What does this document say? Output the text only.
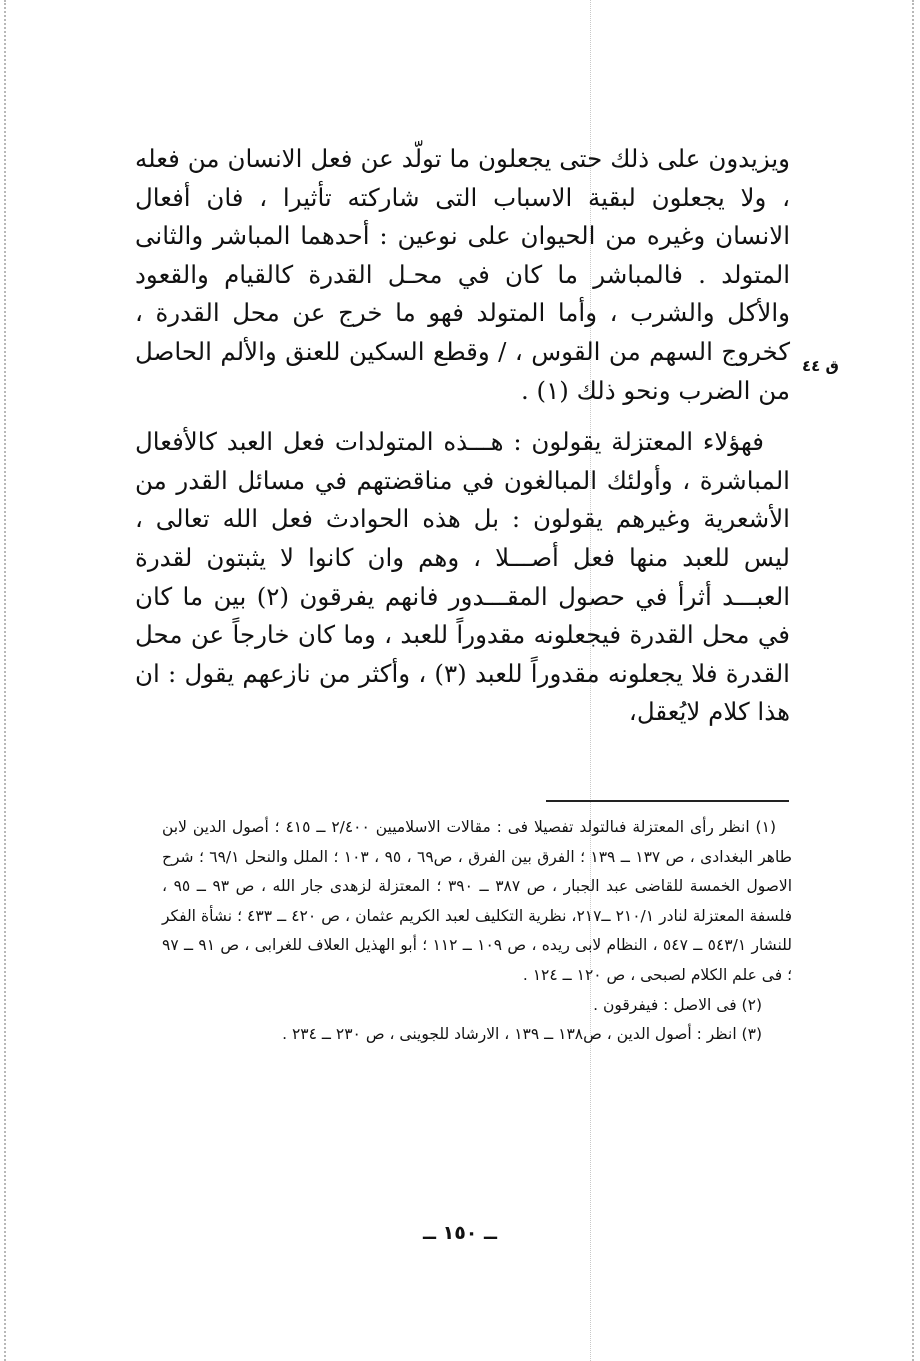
ويزيدون على ذلك حتى يجعلون ما تولّد عن فعل الانسان من فعله ، ولا يجعلون لبقية الاسباب التى شاركته تأثيرا ، فان أفعال الانسان وغيره من الحيوان على نوعين : أحدهما المباشر والثانى المتولد . فالمباشر ما كان في محـل القدرة كالقيام والقعود والأكل والشرب ، وأما المتولد فهو ما خرج عن محل القدرة ، كخروج السهم من القوس ، / وقطع السكين للعنق والألم الحاصل من الضرب ونحو ذلك (١) .

فهؤلاء المعتزلة يقولون : هـــذه المتولدات فعل العبد كالأفعال المباشرة ، وأولئك المبالغون في مناقضتهم في مسائل القدر من الأشعرية وغيرهم يقولون : بل هذه الحوادث فعل الله تعالى ، ليس للعبد منها فعل أصـــلا ، وهم وان كانوا لا يثبتون لقدرة العبـــد أثرأ في حصول المقـــدور فانهم يفرقون (٢) بين ما كان في محل القدرة فيجعلونه مقدوراً للعبد ، وما كان خارجاً عن محل القدرة فلا يجعلونه مقدوراً للعبد (٣) ، وأكثر من نازعهم يقول : ان هذا كلام لايُعقل،

ق ٤٤

(١) انظر رأى المعتزلة فىالتولد تفصيلا فى : مقالات الاسلاميين ٢/٤٠٠ ــ ٤١٥ ؛ أصول الدين لابن طاهر البغدادى ، ص ١٣٧ ــ ١٣٩ ؛ الفرق بين الفرق ، ص٦٩ ، ٩٥ ، ١٠٣ ؛ الملل والنحل ٦٩/١ ؛ شرح الاصول الخمسة للقاضى عبد الجبار ، ص ٣٨٧ ــ ٣٩٠ ؛ المعتزلة لزهدى جار الله ، ص ٩٣ ــ ٩٥ ، فلسفة المعتزلة لنادر ٢١٠/١ ــ٢١٧، نظرية التكليف لعبد الكريم عثمان ، ص ٤٢٠ ــ ٤٣٣ ؛ نشأة الفكر للنشار ٥٤٣/١ ــ ٥٤٧ ، النظام لابى ريده ، ص ١٠٩ ــ ١١٢ ؛ أبو الهذيل العلاف للغرابى ، ص ٩١ ــ ٩٧ ؛ فى علم الكلام لصبحى ، ص ١٢٠ ــ ١٢٤ .

(٢) فى الاصل : فيفرقون .

(٣) انظر : أصول الدين ، ص١٣٨ ــ ١٣٩ ، الارشاد للجوينى ، ص ٢٣٠ ــ ٢٣٤ .

ــ ١٥٠ ــ
